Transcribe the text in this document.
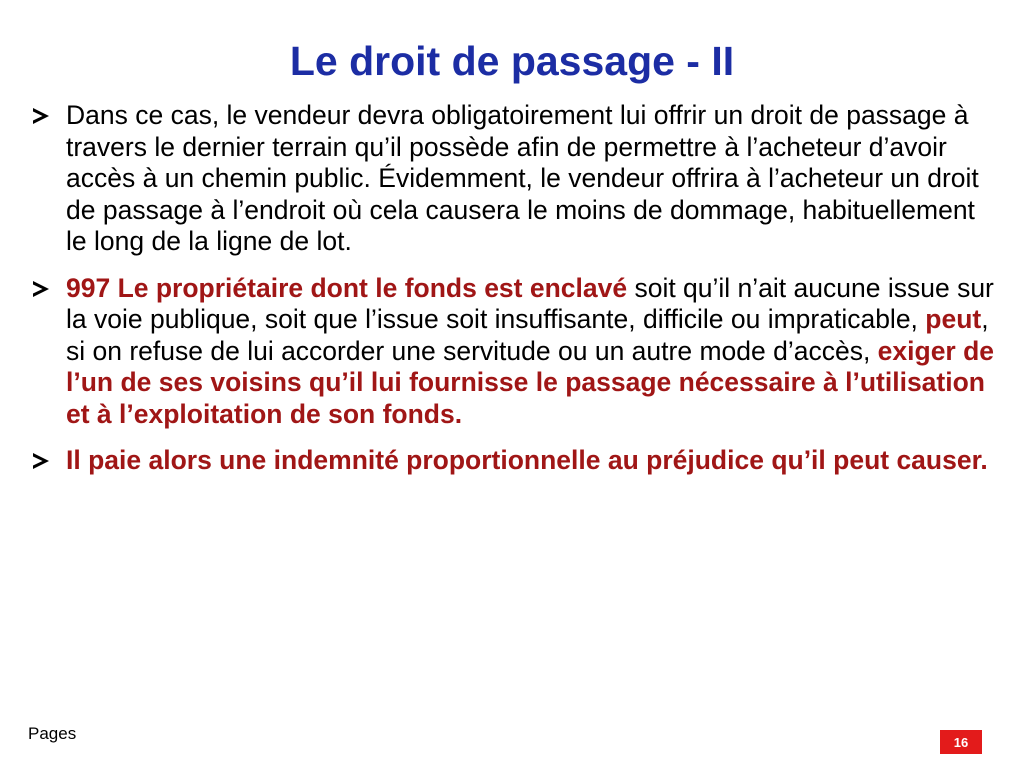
Le droit de passage - II
Dans ce cas, le vendeur devra obligatoirement lui offrir un droit de passage à travers le dernier terrain qu’il possède afin de permettre à l’acheteur d’avoir accès à un chemin public. Évidemment, le vendeur offrira à l’acheteur un droit de passage à l’endroit où cela causera le moins de dommage, habituellement le long de la ligne de lot.
997 Le propriétaire dont le fonds est enclavé soit qu’il n’ait aucune issue sur la voie publique, soit que l’issue soit insuffisante, difficile ou impraticable, peut, si on refuse de lui accorder une servitude ou un autre mode d’accès, exiger de l’un de ses voisins qu’il lui fournisse le passage nécessaire à l’utilisation et à l’exploitation de son fonds.
Il paie alors une indemnité proportionnelle au préjudice qu’il peut causer.
Pages	16
